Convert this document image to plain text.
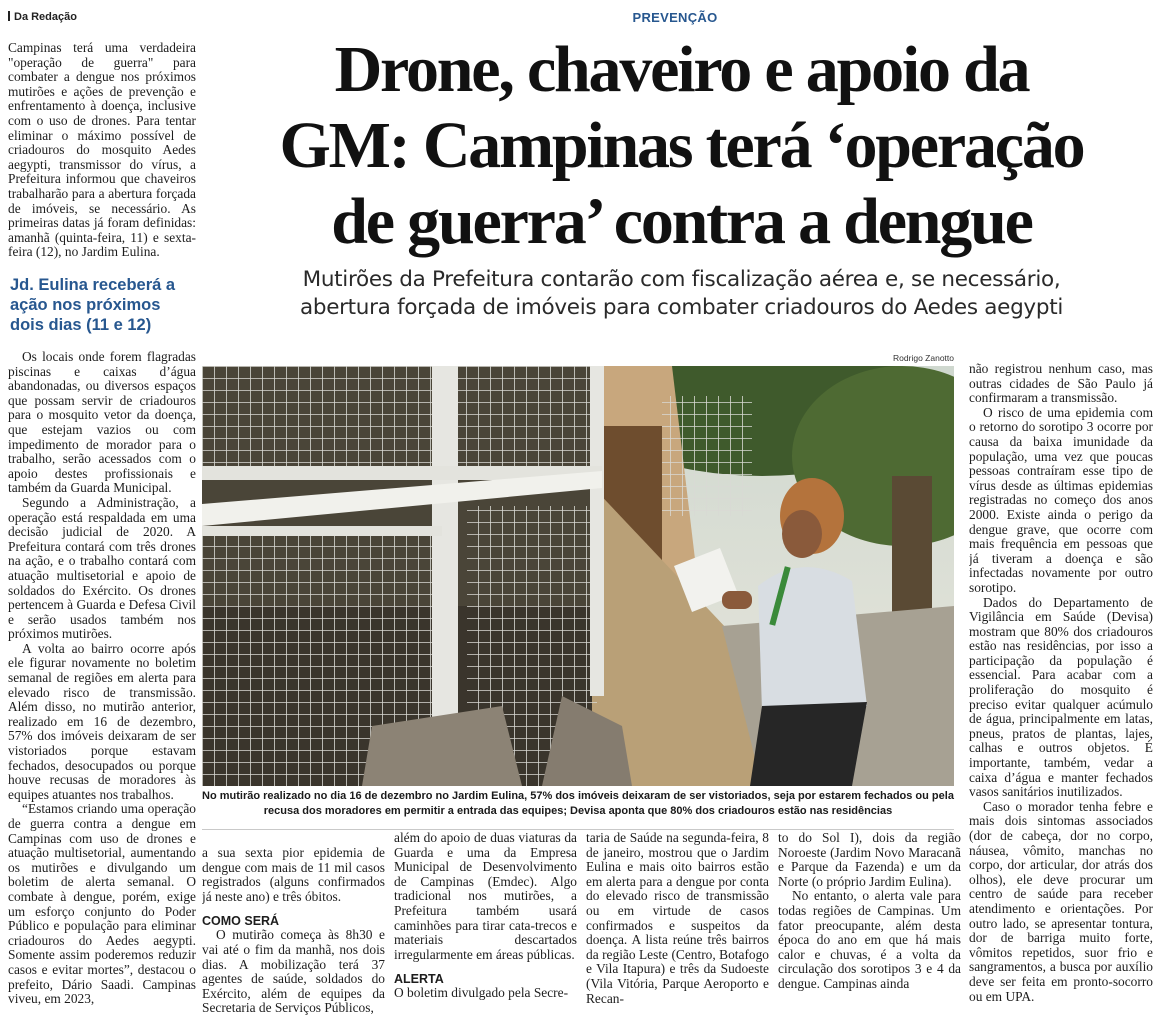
Da Redação	PREVENÇÃO
Drone, chaveiro e apoio da
GM: Campinas terá ‘operação
de guerra’ contra a dengue
Mutirões da Prefeitura contarão com fiscalização aérea e, se necessário,
abertura forçada de imóveis para combater criadouros do Aedes aegypti

Campinas terá uma verdadeira "operação de guerra" para combater a dengue nos próximos mutirões e ações de prevenção e enfrentamento à doença, inclusive com o uso de drones. Para tentar eliminar o máximo possível de criadouros do mosquito Aedes aegypti, transmissor do vírus, a Prefeitura informou que chaveiros trabalharão para a abertura forçada de imóveis, se necessário. As primeiras datas já foram definidas: amanhã (quinta-feira, 11) e sexta-feira (12), no Jardim Eulina.

Jd. Eulina receberá a ação nos próximos dois dias (11 e 12)

Os locais onde forem flagradas piscinas e caixas d’água abandonadas, ou diversos espaços que possam servir de criadouros para o mosquito vetor da doença, que estejam vazios ou com impedimento de morador para o trabalho, serão acessados com o apoio destes profissionais e também da Guarda Municipal.

Segundo a Administração, a operação está respaldada em uma decisão judicial de 2020. A Prefeitura contará com três drones na ação, e o trabalho contará com atuação multisetorial e apoio de soldados do Exército. Os drones pertencem à Guarda e Defesa Civil e serão usados também nos próximos mutirões.

A volta ao bairro ocorre após ele figurar novamente no boletim semanal de regiões em alerta para elevado risco de transmissão. Além disso, no mutirão anterior, realizado em 16 de dezembro, 57% dos imóveis deixaram de ser vistoriados porque estavam fechados, desocupados ou porque houve recusas de moradores às equipes atuantes nos trabalhos.

“Estamos criando uma operação de guerra contra a dengue em Campinas com uso de drones e atuação multisetorial, aumentando os mutirões e divulgando um boletim de alerta semanal. O combate à dengue, porém, exige um esforço conjunto do Poder Público e população para eliminar criadouros do Aedes aegypti. Somente assim poderemos reduzir casos e evitar mortes”, destacou o prefeito, Dário Saadi. Campinas viveu, em 2023,

Rodrigo Zanotto
No mutirão realizado no dia 16 de dezembro no Jardim Eulina, 57% dos imóveis deixaram de ser vistoriados, seja por estarem fechados ou pela
recusa dos moradores em permitir a entrada das equipes; Devisa aponta que 80% dos criadouros estão nas residências

a sua sexta pior epidemia de dengue com mais de 11 mil casos registrados (alguns confirmados já neste ano) e três óbitos.

COMO SERÁ

O mutirão começa às 8h30 e vai até o fim da manhã, nos dois dias. A mobilização terá 37 agentes de saúde, soldados do Exército, além de equipes da Secretaria de Serviços Públicos,

além do apoio de duas viaturas da Guarda e uma da Empresa Municipal de Desenvolvimento de Campinas (Emdec). Algo tradicional nos mutirões, a Prefeitura também usará caminhões para tirar cata-trecos e materiais descartados irregularmente em áreas públicas.

ALERTA

O boletim divulgado pela Secre-

taria de Saúde na segunda-feira, 8 de janeiro, mostrou que o Jardim Eulina e mais oito bairros estão em alerta para a dengue por conta do elevado risco de transmissão ou em virtude de casos confirmados e suspeitos da doença. A lista reúne três bairros da região Leste (Centro, Botafogo e Vila Itapura) e três da Sudoeste (Vila Vitória, Parque Aeroporto e Recan-

to do Sol I), dois da região Noroeste (Jardim Novo Maracanã e Parque da Fazenda) e um da Norte (o próprio Jardim Eulina).

No entanto, o alerta vale para todas regiões de Campinas. Um fator preocupante, além desta época do ano em que há mais calor e chuvas, é a volta da circulação dos sorotipos 3 e 4 da dengue. Campinas ainda

não registrou nenhum caso, mas outras cidades de São Paulo já confirmaram a transmissão.

O risco de uma epidemia com o retorno do sorotipo 3 ocorre por causa da baixa imunidade da população, uma vez que poucas pessoas contraíram esse tipo de vírus desde as últimas epidemias registradas no começo dos anos 2000. Existe ainda o perigo da dengue grave, que ocorre com mais frequência em pessoas que já tiveram a doença e são infectadas novamente por outro sorotipo.

Dados do Departamento de Vigilância em Saúde (Devisa) mostram que 80% dos criadouros estão nas residências, por isso a participação da população é essencial. Para acabar com a proliferação do mosquito é preciso evitar qualquer acúmulo de água, principalmente em latas, pneus, pratos de plantas, lajes, calhas e outros objetos. É importante, também, vedar a caixa d’água e manter fechados vasos sanitários inutilizados.

Caso o morador tenha febre e mais dois sintomas associados (dor de cabeça, dor no corpo, náusea, vômito, manchas no corpo, dor articular, dor atrás dos olhos), ele deve procurar um centro de saúde para receber atendimento e orientações. Por outro lado, se apresentar tontura, dor de barriga muito forte, vômitos repetidos, suor frio e sangramentos, a busca por auxílio deve ser feita em pronto-socorro ou em UPA.
